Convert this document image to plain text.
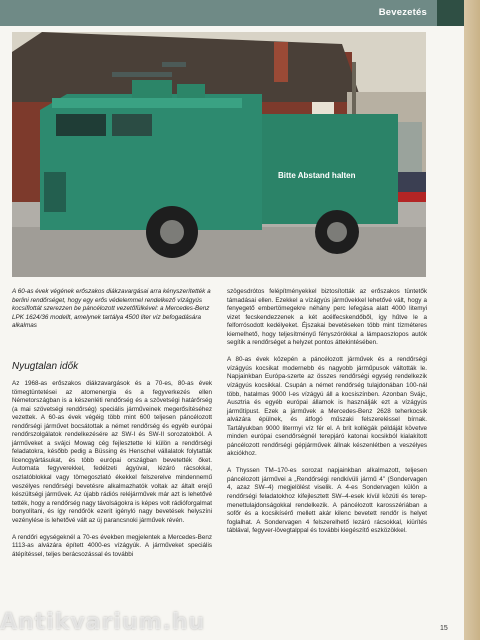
Bevezetés
Bitte Abstand halten

A 60-as évek végének erőszakos diákzavargásai arra kényszerítették a berlini rendőrséget, hogy egy erős védelemmel rendelkező vízágyús kocsiflottát szerezzen be páncélozott vezetőfülkével: a Mercedes-Benz LPK 1624/36 modellt, amelynek tartálya 4500 liter víz befogadására alkalmas

Nyugtalan idők

Az 1968-as erőszakos diákzavargások és a 70-es, 80-as évek tömegtüntetései az atomenergia és a fegyverkezés ellen Németországban is a készenléti rendőrség és a szövetségi határőrség (a mai szövetségi rendőrség) speciális járműveinek megerősítéséhez vezettek. A 60-as évek végéig több mint 600 teljesen páncélozott rendőrségi járművet bocsátottak a német rendőrség és egyéb európai rendőrszolgálatok rendelkezésére az SW-I és SW-II sorozatokból. A járműveket a svájci Mowag cég fejlesztette ki külön a rendőrségi feladatokra, később pedig a Büssing és Henschel vállalatok folytatták licencgyártásukat, és több európai országban bevetették őket. Automata fegyverekkel, fedélzeti ágyúval, lézáró rácsokkal, oszlatóblokkal vagy tömegoszlató ékekkel felszerelve mindennemű veszélyes rendőrségi bevetésre alkalmazhatók voltak az általt erejű készültségi járművek. Az újabb rádiós reléjárművek már azt is lehetővé tették, hogy a rendőrség nagy távolságokra is képes volt rádióforgalmat bonyolítani, és így rendőrök ezerit igényló nagy bevetések helyszíni vezénylése is lehetővé vált az új parancsnoki járművek révén.

A rendőri egységeknél a 70-es években megjelentek a Mercedes-Benz 1113-as alvázára épített 4000-es vízágyúk. A járműveket speciális átépítéssel, teljes berácsozással és további

szögesdrótos felépítményekkel biztosították az erőszakos tüntetők támadásai ellen. Ezekkel a vízágyús járművekkel lehetővé vált, hogy a fenyegető embertömegekre néhány perc lefegása alatt 4000 litemyi vizet fecskendezzenek a két acélfecskendőből, így hűtve le a felforrósodott kedélyeket. Éjszakai bevetéseken több mint tízméteres kiemelhető, hogy teljesítményű fényszórókkal a lámpaoszlopos autók segítik a rendőrséget a helyzet pontos áttekintésében.

A 80-as évek közepén a páncélozott járművek és a rendőrségi vízágyús kocsikat modernebb és nagyobb járműpusok váltották le. Napjainkban Európa-szerte az összes rendőrségi egység rendelkezik vízágyús kocsikkal. Csupán a német rendőrség tulajdonában 100-nál több, hatalmas 9000 l-es vízágyú áll a kocsiszínben. Azonban Svájc, Ausztria és egyéb európai államok is használják ezt a vízágyús járműtípust. Ezek a járművek a Mercedes-Benz 2628 teherkocsik alvázára épülnek, és átfogó műszaki felszereléssel bírnak. Tartályukban 9000 literrnyi víz fér el. A brit kollégák példáját követve minden európai csendőrségnél terepjáró katonai kocsikból kialakított páncélozott rendőrségi gépjárművek állnak készenlétben a veszélyes akciókhoz.

A Thyssen TM–170-es sorozat napjainkban alkalmazott, teljesen páncélozott járművei a „Rendőrségi rendkívüli jármű 4” (Sondervagen 4, azaz SW–4) megjelölést viselik. A 4-es Sondervagen külön a rendőrségi feladatokhoz kifejlesztett SW–4-esek kívül közúti és terep-menettulajdonságokkal rendelkezik. A páncélozott karosszériában a sofőr és a kocsikísérő mellett akár kilenc bevetett rendőr is helyet foglalhat. A Sondervagen 4 felszerelhető lezáró rácsokkal, kiürítés táblával, fegyver-lövegtalppal és további kiegészítő eszközökkel.

15
Antikvarium.hu
